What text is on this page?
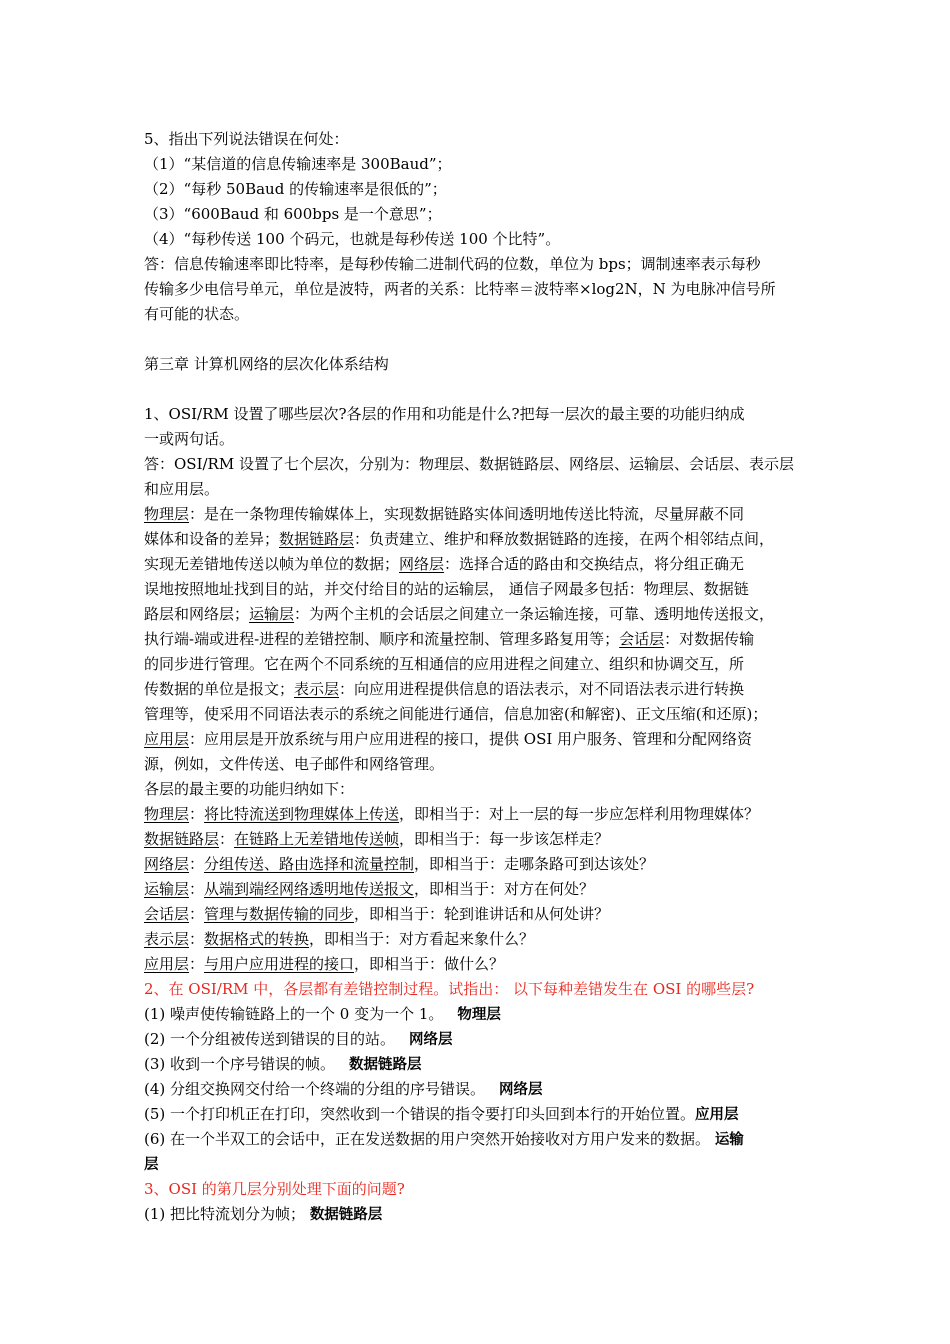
5、指出下列说法错误在何处：
（1）“某信道的信息传输速率是 300Baud”；
（2）“每秒 50Baud 的传输速率是很低的”；
（3）“600Baud 和 600bps 是一个意思”；
（4）“每秒传送 100 个码元，也就是每秒传送 100 个比特”。
答：信息传输速率即比特率，是每秒传输二进制代码的位数，单位为 bps；调制速率表示每秒
传输多少电信号单元，单位是波特，两者的关系：比特率＝波特率×log2N，N 为电脉冲信号所
有可能的状态。
第三章 计算机网络的层次化体系结构
1、OSI/RM 设置了哪些层次?各层的作用和功能是什么?把每一层次的最主要的功能归纳成
一或两句话。
答：OSI/RM 设置了七个层次，分别为：物理层、数据链路层、网络层、运输层、会话层、表示层
和应用层。
物理层：是在一条物理传输媒体上，实现数据链路实体间透明地传送比特流，尽量屏蔽不同
媒体和设备的差异；数据链路层：负责建立、维护和释放数据链路的连接，在两个相邻结点间，
实现无差错地传送以帧为单位的数据；网络层：选择合适的路由和交换结点，将分组正确无
误地按照地址找到目的站，并交付给目的站的运输层， 通信子网最多包括：物理层、数据链
路层和网络层；运输层：为两个主机的会话层之间建立一条运输连接，可靠、透明地传送报文，
执行端-端或进程-进程的差错控制、顺序和流量控制、管理多路复用等；会话层：对数据传输
的同步进行管理。它在两个不同系统的互相通信的应用进程之间建立、组织和协调交互，所
传数据的单位是报文；表示层：向应用进程提供信息的语法表示，对不同语法表示进行转换
管理等，使采用不同语法表示的系统之间能进行通信，信息加密(和解密)、正文压缩(和还原)；
应用层：应用层是开放系统与用户应用进程的接口，提供 OSI 用户服务、管理和分配网络资
源，例如，文件传送、电子邮件和网络管理。
各层的最主要的功能归纳如下：
物理层：将比特流送到物理媒体上传送，即相当于：对上一层的每一步应怎样利用物理媒体？
数据链路层：在链路上无差错地传送帧，即相当于：每一步该怎样走？
网络层：分组传送、路由选择和流量控制，即相当于：走哪条路可到达该处？
运输层：从端到端经网络透明地传送报文，即相当于：对方在何处？
会话层：管理与数据传输的同步，即相当于：轮到谁讲话和从何处讲？
表示层：数据格式的转换，即相当于：对方看起来象什么？
应用层：与用户应用进程的接口，即相当于：做什么？
2、在 OSI/RM 中，各层都有差错控制过程。试指出： 以下每种差错发生在 OSI 的哪些层?
(1) 噪声使传输链路上的一个 0 变为一个 1。 物理层
(2) 一个分组被传送到错误的目的站。 网络层
(3) 收到一个序号错误的帧。 数据链路层
(4) 分组交换网交付给一个终端的分组的序号错误。 网络层
(5) 一个打印机正在打印，突然收到一个错误的指令要打印头回到本行的开始位置。应用层
(6) 在一个半双工的会话中，正在发送数据的用户突然开始接收对方用户发来的数据。 运输
层
3、OSI 的第几层分别处理下面的问题?
(1) 把比特流划分为帧； 数据链路层
